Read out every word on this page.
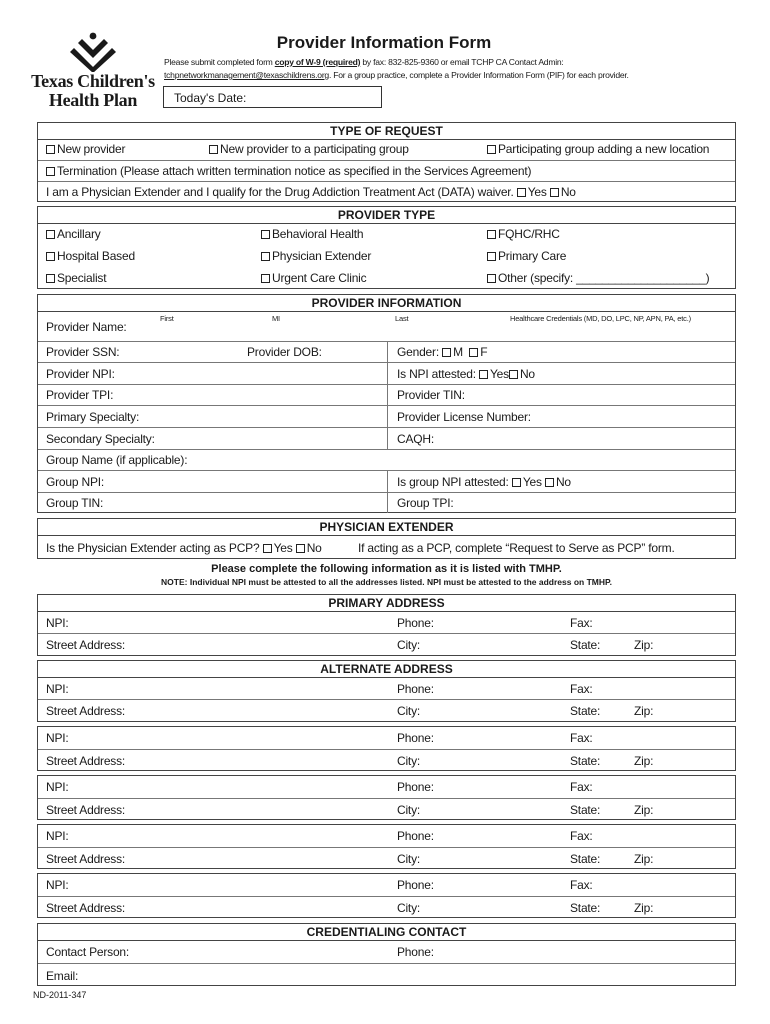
Texas Children's
Health Plan
Provider Information Form
Please submit completed form copy of W-9 (required) by fax: 832-825-9360 or email TCHP CA Contact Admin:
tchpnetworkmanagement@texaschildrens.org. For a group practice, complete a Provider Information Form (PIF) for each provider.
Today's Date:
TYPE OF REQUEST
New provider	New provider to a participating group	Participating group adding a new location
Termination (Please attach written termination notice as specified in the Services Agreement)
I am a Physician Extender and I qualify for the Drug Addiction Treatment Act (DATA) waiver. Yes No
PROVIDER TYPE
Ancillary	Behavioral Health	FQHC/RHC
Hospital Based	Physician Extender	Primary Care
Specialist	Urgent Care Clinic	Other (specify: ____________________)
PROVIDER INFORMATION
Provider Name:
First	MI	Last	Healthcare Credentials (MD, DO, LPC, NP, APN, PA, etc.)
Provider SSN:	Provider DOB:	Gender: M F
Provider NPI:	Is NPI attested: Yes No
Provider TPI:	Provider TIN:
Primary Specialty:	Provider License Number:
Secondary Specialty:	CAQH:
Group Name (if applicable):
Group NPI:	Is group NPI attested: Yes No
Group TIN:	Group TPI:
PHYSICIAN EXTENDER
Is the Physician Extender acting as PCP? Yes No	If acting as a PCP, complete “Request to Serve as PCP” form.
Please complete the following information as it is listed with TMHP.
NOTE: Individual NPI must be attested to all the addresses listed. NPI must be attested to the address on TMHP.
PRIMARY ADDRESS
NPI:	Phone:	Fax:
Street Address:	City:	State:	Zip:
ALTERNATE ADDRESS
NPI:	Phone:	Fax:
Street Address:	City:	State:	Zip:
NPI:	Phone:	Fax:
Street Address:	City:	State:	Zip:
NPI:	Phone:	Fax:
Street Address:	City:	State:	Zip:
NPI:	Phone:	Fax:
Street Address:	City:	State:	Zip:
NPI:	Phone:	Fax:
Street Address:	City:	State:	Zip:
CREDENTIALING CONTACT
Contact Person:	Phone:
Email:
ND-2011-347
